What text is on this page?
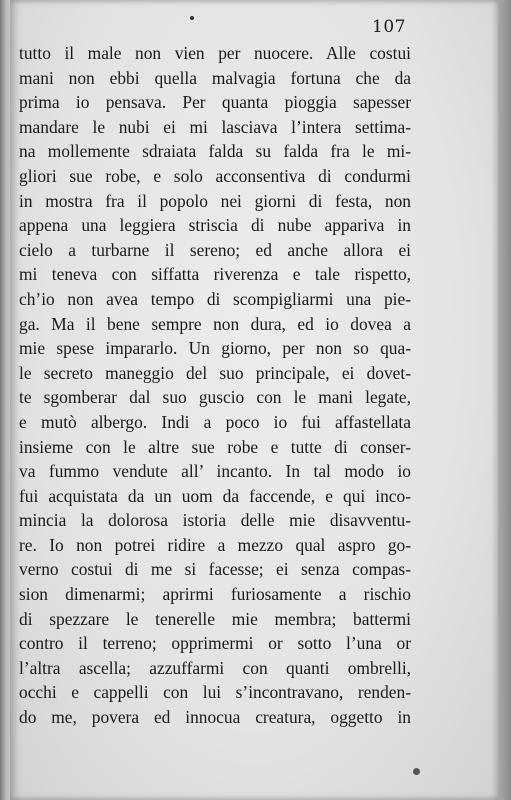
107
tutto il male non vien per nuocere. Alle costui
mani non ebbi quella malvagia fortuna che da
prima io pensava. Per quanta pioggia sapesser
mandare le nubi ei mi lasciava l’intera settima-
na mollemente sdraiata falda su falda fra le mi-
gliori sue robe, e solo acconsentiva di condurmi
in mostra fra il popolo nei giorni di festa, non
appena una leggiera striscia di nube appariva in
cielo a turbarne il sereno; ed anche allora ei
mi teneva con siffatta riverenza e tale rispetto,
ch’io non avea tempo di scompigliarmi una pie-
ga. Ma il bene sempre non dura, ed io dovea a
mie spese impararlo. Un giorno, per non so qua-
le secreto maneggio del suo principale, ei dovet-
te sgomberar dal suo guscio con le mani legate,
e mutò albergo. Indi a poco io fui affastellata
insieme con le altre sue robe e tutte di conser-
va fummo vendute all’ incanto. In tal modo io
fui acquistata da un uom da faccende, e qui inco-
mincia la dolorosa istoria delle mie disavventu-
re. Io non potrei ridire a mezzo qual aspro go-
verno costui di me si facesse; ei senza compas-
sion dimenarmi; aprirmi furiosamente a rischio
di spezzare le tenerelle mie membra; battermi
contro il terreno; opprimermi or sotto l’una or
l’altra ascella; azzuffarmi con quanti ombrelli,
occhi e cappelli con lui s’incontravano, renden-
do me, povera ed innocua creatura, oggetto in
